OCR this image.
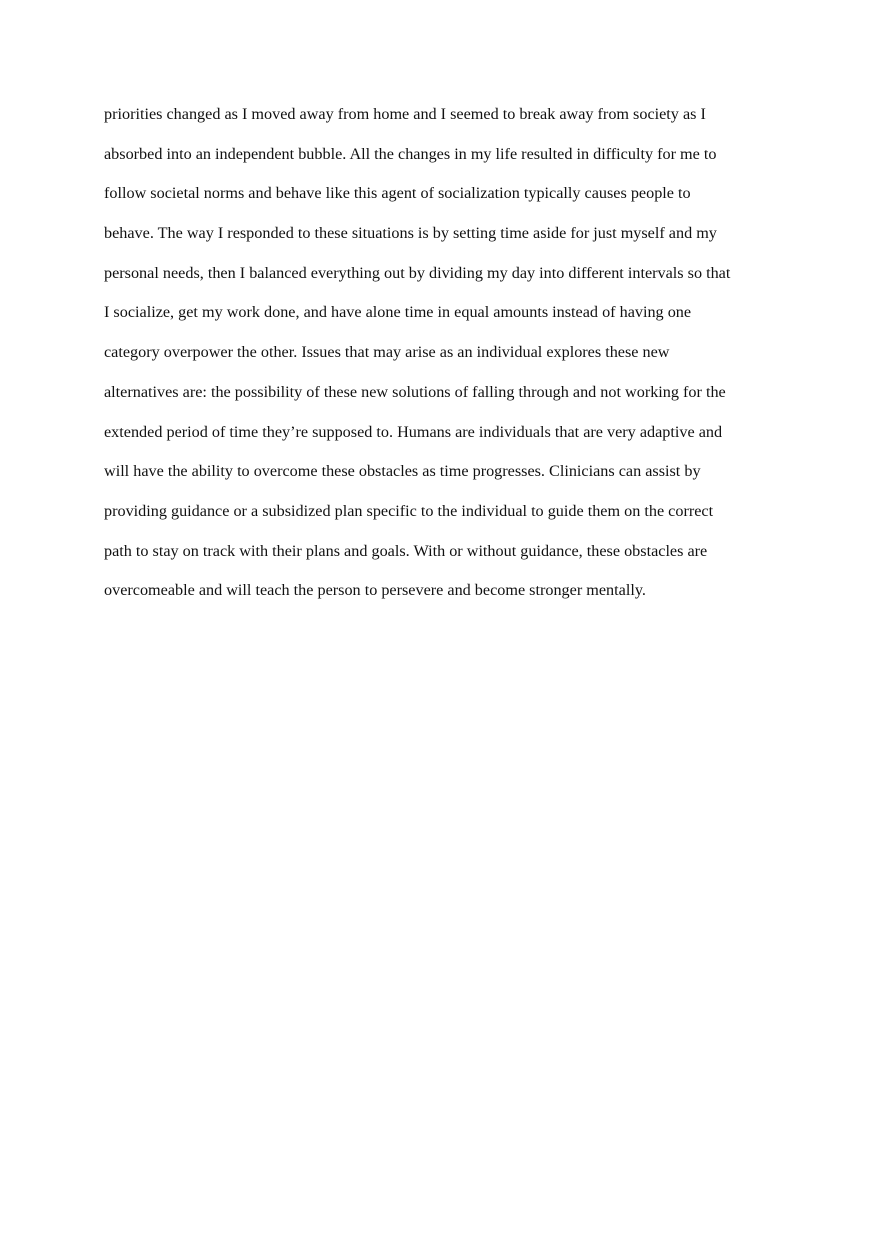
priorities changed as I moved away from home and I seemed to break away from society as I
absorbed into an independent bubble. All the changes in my life resulted in difficulty for me to
follow societal norms and behave like this agent of socialization typically causes people to
behave. The way I responded to these situations is by setting time aside for just myself and my
personal needs, then I balanced everything out by dividing my day into different intervals so that
I socialize, get my work done, and have alone time in equal amounts instead of having one
category overpower the other. Issues that may arise as an individual explores these new
alternatives are: the possibility of these new solutions of falling through and not working for the
extended period of time they’re supposed to. Humans are individuals that are very adaptive and
will have the ability to overcome these obstacles as time progresses. Clinicians can assist by
providing guidance or a subsidized plan specific to the individual to guide them on the correct
path to stay on track with their plans and goals. With or without guidance, these obstacles are
overcomeable and will teach the person to persevere and become stronger mentally.
